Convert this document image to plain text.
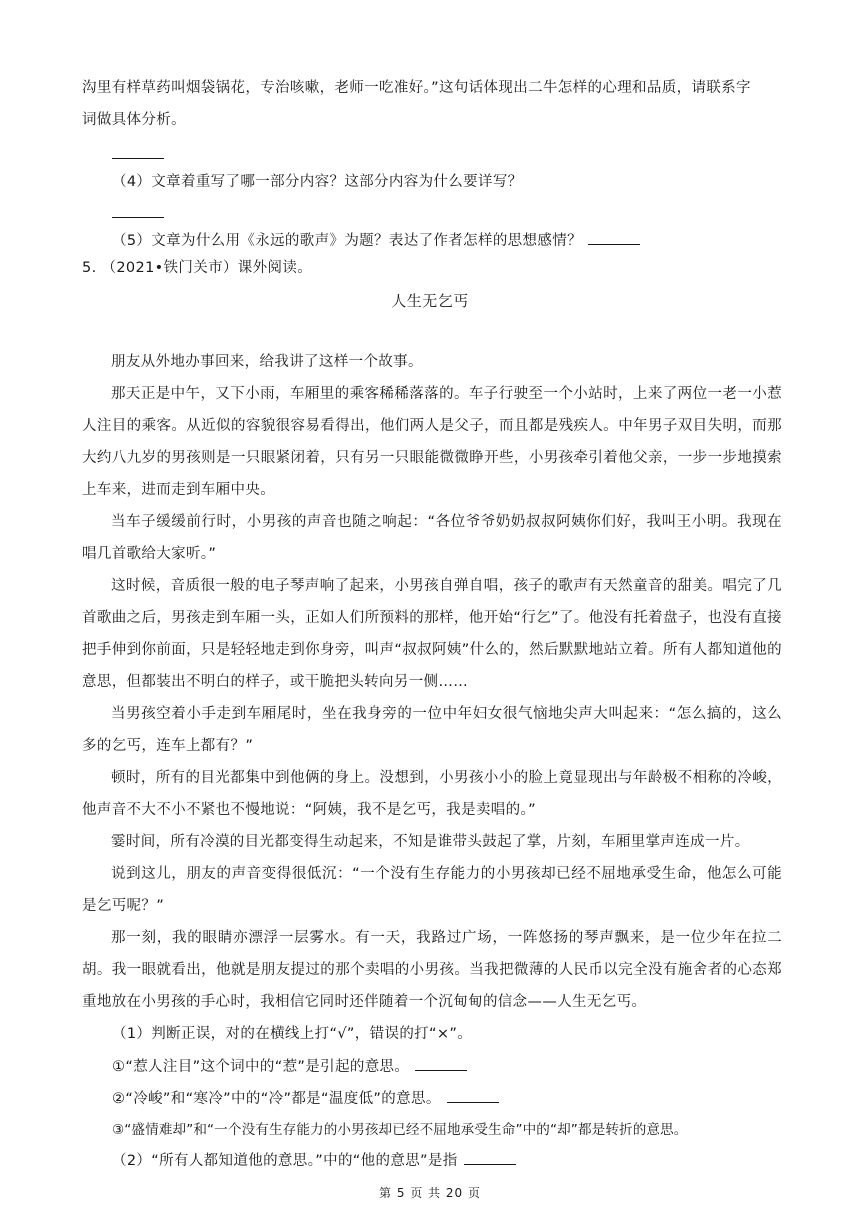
沟里有样草药叫烟袋锅花，专治咳嗽，老师一吃准好。”这句话体现出二牛怎样的心理和品质，请联系字
词做具体分析。
（4）文章着重写了哪一部分内容？这部分内容为什么要详写？
（5）文章为什么用《永远的歌声》为题？表达了作者怎样的思想感情？
5. （2021•铁门关市）课外阅读。
人生无乞丐
朋友从外地办事回来，给我讲了这样一个故事。
那天正是中午，又下小雨，车厢里的乘客稀稀落落的。车子行驶至一个小站时，上来了两位一老一小惹人注目的乘客。从近似的容貌很容易看得出，他们两人是父子，而且都是残疾人。中年男子双目失明，而那大约八九岁的男孩则是一只眼紧闭着，只有另一只眼能微微睁开些，小男孩牵引着他父亲，一步一步地摸索上车来，进而走到车厢中央。
当车子缓缓前行时，小男孩的声音也随之响起：“各位爷爷奶奶叔叔阿姨你们好，我叫王小明。我现在唱几首歌给大家听。”
这时候，音质很一般的电子琴声响了起来，小男孩自弹自唱，孩子的歌声有天然童音的甜美。唱完了几首歌曲之后，男孩走到车厢一头，正如人们所预料的那样，他开始“行乞”了。他没有托着盘子，也没有直接把手伸到你前面，只是轻轻地走到你身旁，叫声“叔叔阿姨”什么的，然后默默地站立着。所有人都知道他的意思，但都装出不明白的样子，或干脆把头转向另一侧……
当男孩空着小手走到车厢尾时，坐在我身旁的一位中年妇女很气恼地尖声大叫起来：“怎么搞的，这么多的乞丐，连车上都有？”
顿时，所有的目光都集中到他俩的身上。没想到，小男孩小小的脸上竟显现出与年龄极不相称的冷峻，他声音不大不小不紧也不慢地说：“阿姨，我不是乞丐，我是卖唱的。”
霎时间，所有冷漠的目光都变得生动起来，不知是谁带头鼓起了掌，片刻，车厢里掌声连成一片。
说到这儿，朋友的声音变得很低沉：“一个没有生存能力的小男孩却已经不屈地承受生命，他怎么可能是乞丐呢？”
那一刻，我的眼睛亦漂浮一层雾水。有一天，我路过广场，一阵悠扬的琴声飘来，是一位少年在拉二胡。我一眼就看出，他就是朋友提过的那个卖唱的小男孩。当我把微薄的人民币以完全没有施舍者的心态郑重地放在小男孩的手心时，我相信它同时还伴随着一个沉甸甸的信念——人生无乞丐。
（1）判断正误，对的在横线上打“√”，错误的打“×”。
①“惹人注目”这个词中的“惹”是引起的意思。
②“冷峻”和“寒冷”中的“冷”都是“温度低”的意思。
③“盛情难却”和“一个没有生存能力的小男孩却已经不屈地承受生命”中的“却”都是转折的意思。
第 5 页 共 20 页
（2）“所有人都知道他的意思。”中的“他的意思”是指
